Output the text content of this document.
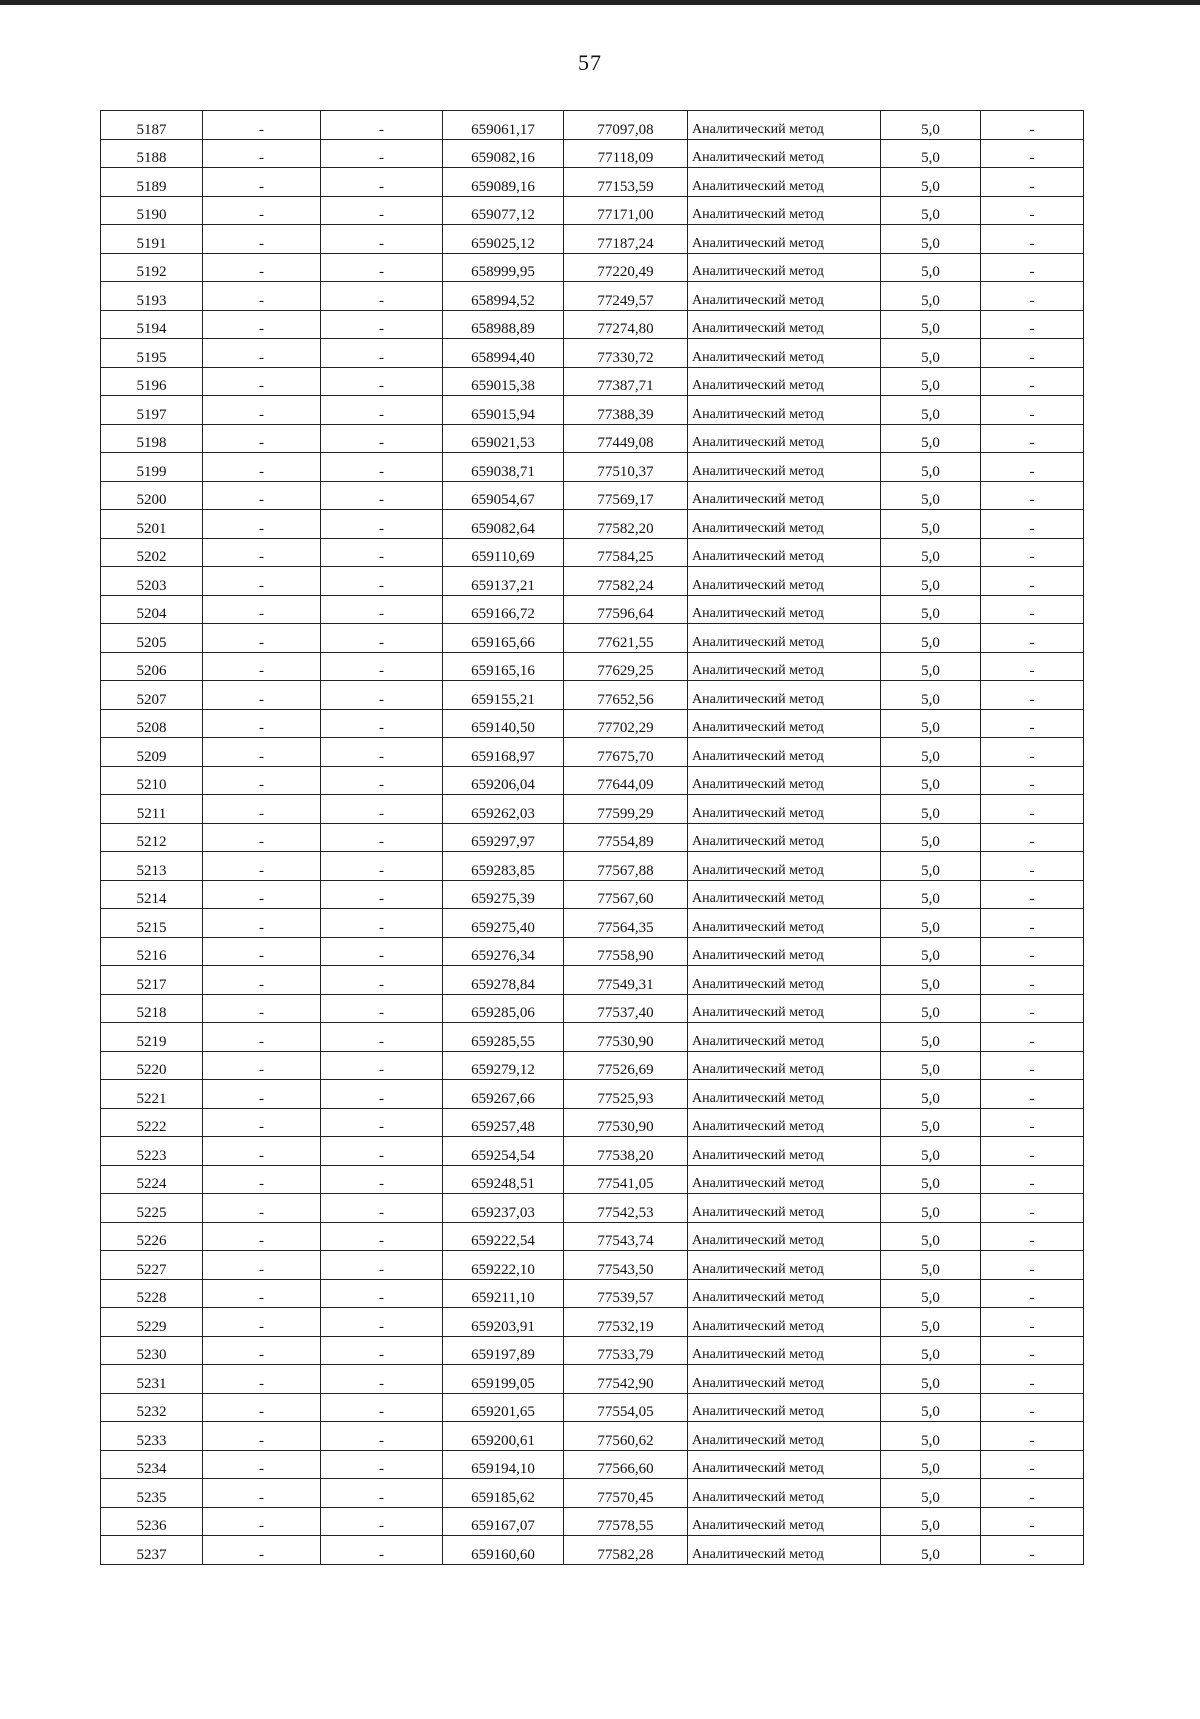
57
5187	-	-	659061,17	77097,08	Аналитический метод	5,0	-
5188	-	-	659082,16	77118,09	Аналитический метод	5,0	-
5189	-	-	659089,16	77153,59	Аналитический метод	5,0	-
5190	-	-	659077,12	77171,00	Аналитический метод	5,0	-
5191	-	-	659025,12	77187,24	Аналитический метод	5,0	-
5192	-	-	658999,95	77220,49	Аналитический метод	5,0	-
5193	-	-	658994,52	77249,57	Аналитический метод	5,0	-
5194	-	-	658988,89	77274,80	Аналитический метод	5,0	-
5195	-	-	658994,40	77330,72	Аналитический метод	5,0	-
5196	-	-	659015,38	77387,71	Аналитический метод	5,0	-
5197	-	-	659015,94	77388,39	Аналитический метод	5,0	-
5198	-	-	659021,53	77449,08	Аналитический метод	5,0	-
5199	-	-	659038,71	77510,37	Аналитический метод	5,0	-
5200	-	-	659054,67	77569,17	Аналитический метод	5,0	-
5201	-	-	659082,64	77582,20	Аналитический метод	5,0	-
5202	-	-	659110,69	77584,25	Аналитический метод	5,0	-
5203	-	-	659137,21	77582,24	Аналитический метод	5,0	-
5204	-	-	659166,72	77596,64	Аналитический метод	5,0	-
5205	-	-	659165,66	77621,55	Аналитический метод	5,0	-
5206	-	-	659165,16	77629,25	Аналитический метод	5,0	-
5207	-	-	659155,21	77652,56	Аналитический метод	5,0	-
5208	-	-	659140,50	77702,29	Аналитический метод	5,0	-
5209	-	-	659168,97	77675,70	Аналитический метод	5,0	-
5210	-	-	659206,04	77644,09	Аналитический метод	5,0	-
5211	-	-	659262,03	77599,29	Аналитический метод	5,0	-
5212	-	-	659297,97	77554,89	Аналитический метод	5,0	-
5213	-	-	659283,85	77567,88	Аналитический метод	5,0	-
5214	-	-	659275,39	77567,60	Аналитический метод	5,0	-
5215	-	-	659275,40	77564,35	Аналитический метод	5,0	-
5216	-	-	659276,34	77558,90	Аналитический метод	5,0	-
5217	-	-	659278,84	77549,31	Аналитический метод	5,0	-
5218	-	-	659285,06	77537,40	Аналитический метод	5,0	-
5219	-	-	659285,55	77530,90	Аналитический метод	5,0	-
5220	-	-	659279,12	77526,69	Аналитический метод	5,0	-
5221	-	-	659267,66	77525,93	Аналитический метод	5,0	-
5222	-	-	659257,48	77530,90	Аналитический метод	5,0	-
5223	-	-	659254,54	77538,20	Аналитический метод	5,0	-
5224	-	-	659248,51	77541,05	Аналитический метод	5,0	-
5225	-	-	659237,03	77542,53	Аналитический метод	5,0	-
5226	-	-	659222,54	77543,74	Аналитический метод	5,0	-
5227	-	-	659222,10	77543,50	Аналитический метод	5,0	-
5228	-	-	659211,10	77539,57	Аналитический метод	5,0	-
5229	-	-	659203,91	77532,19	Аналитический метод	5,0	-
5230	-	-	659197,89	77533,79	Аналитический метод	5,0	-
5231	-	-	659199,05	77542,90	Аналитический метод	5,0	-
5232	-	-	659201,65	77554,05	Аналитический метод	5,0	-
5233	-	-	659200,61	77560,62	Аналитический метод	5,0	-
5234	-	-	659194,10	77566,60	Аналитический метод	5,0	-
5235	-	-	659185,62	77570,45	Аналитический метод	5,0	-
5236	-	-	659167,07	77578,55	Аналитический метод	5,0	-
5237	-	-	659160,60	77582,28	Аналитический метод	5,0	-
